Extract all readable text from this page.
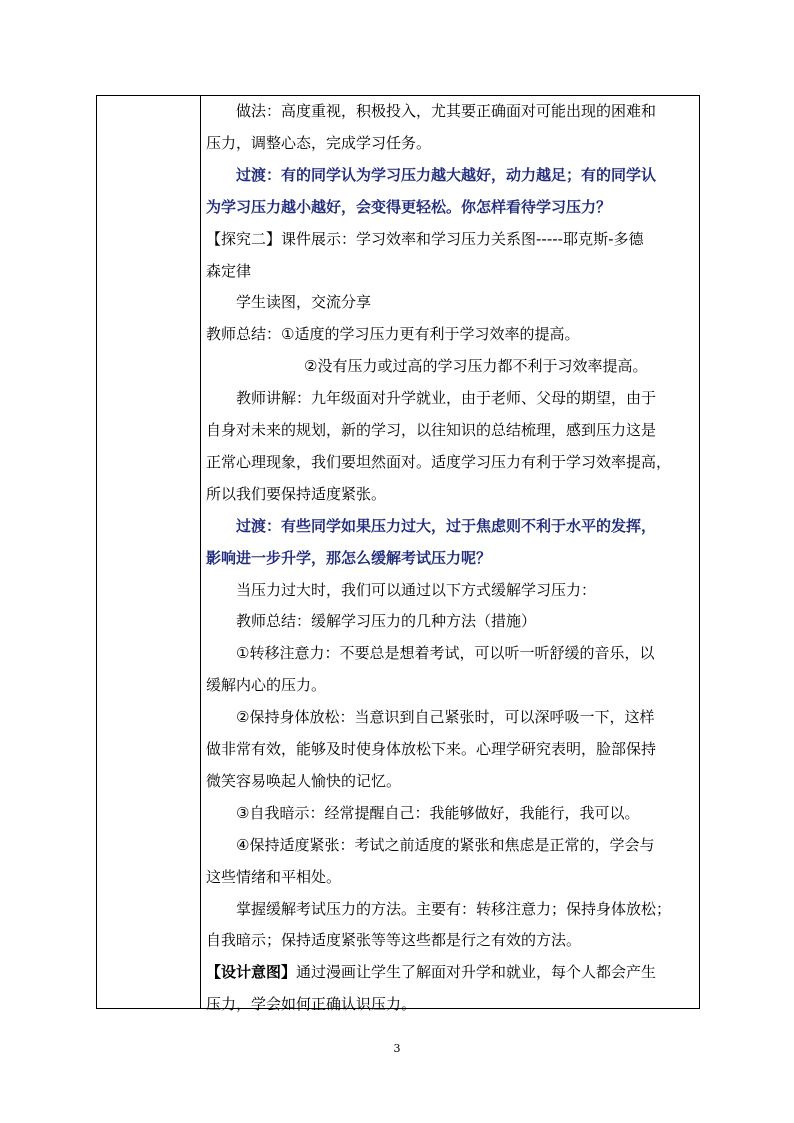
做法：高度重视，积极投入，尤其要正确面对可能出现的困难和
压力，调整心态，完成学习任务。
过渡：有的同学认为学习压力越大越好，动力越足；有的同学认
为学习压力越小越好，会变得更轻松。你怎样看待学习压力？
【探究二】课件展示：学习效率和学习压力关系图-----耶克斯-多德
森定律
学生读图，交流分享
教师总结：①适度的学习压力更有利于学习效率的提高。
②没有压力或过高的学习压力都不利于习效率提高。
教师讲解：九年级面对升学就业，由于老师、父母的期望，由于
自身对未来的规划，新的学习，以往知识的总结梳理，感到压力这是
正常心理现象，我们要坦然面对。适度学习压力有利于学习效率提高，
所以我们要保持适度紧张。
过渡：有些同学如果压力过大，过于焦虑则不利于水平的发挥，
影响进一步升学，那怎么缓解考试压力呢？
当压力过大时，我们可以通过以下方式缓解学习压力：
教师总结：缓解学习压力的几种方法（措施）
①转移注意力：不要总是想着考试，可以听一听舒缓的音乐，以
缓解内心的压力。
②保持身体放松：当意识到自己紧张时，可以深呼吸一下，这样
做非常有效，能够及时使身体放松下来。心理学研究表明，脸部保持
微笑容易唤起人愉快的记忆。
③自我暗示：经常提醒自己：我能够做好，我能行，我可以。
④保持适度紧张：考试之前适度的紧张和焦虑是正常的，学会与
这些情绪和平相处。
掌握缓解考试压力的方法。主要有：转移注意力；保持身体放松；
自我暗示；保持适度紧张等等这些都是行之有效的方法。
【设计意图】通过漫画让学生了解面对升学和就业，每个人都会产生
压力，学会如何正确认识压力。
3
